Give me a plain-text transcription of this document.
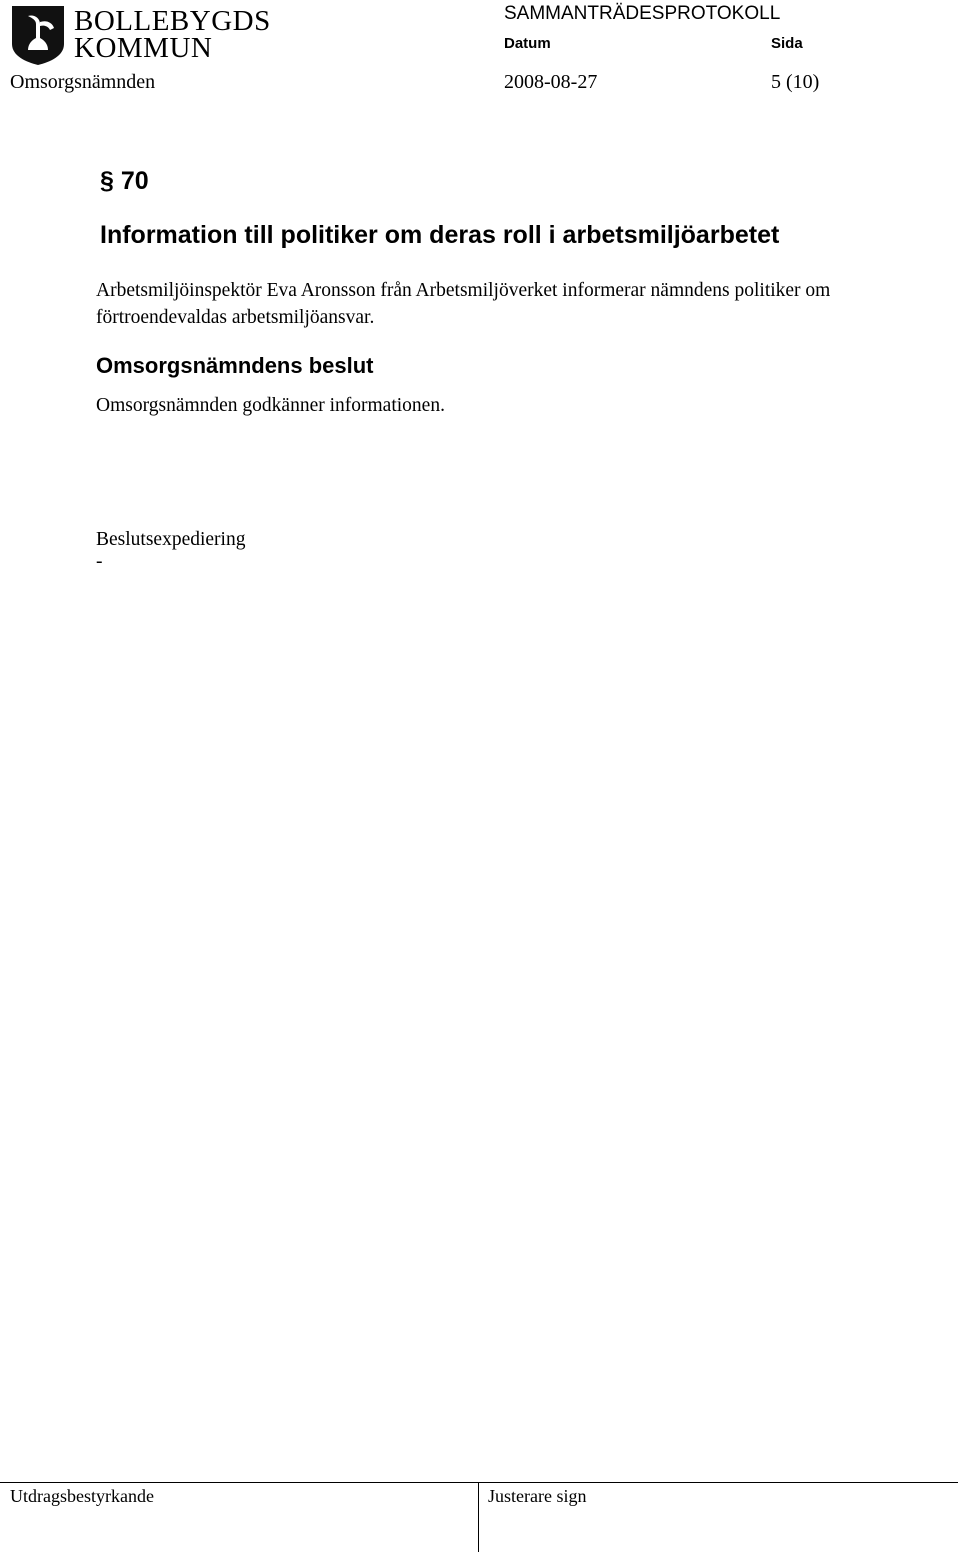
BOLLEBYGDS
KOMMUN
SAMMANTRÄDESPROTOKOLL
Datum	Sida
Omsorgsnämnden	2008-08-27	5 (10)
§ 70
Information till politiker om deras roll i arbetsmiljöarbetet
Arbetsmiljöinspektör Eva Aronsson från Arbetsmiljöverket informerar nämndens politiker om förtroendevaldas arbetsmiljöansvar.
Omsorgsnämndens beslut
Omsorgsnämnden godkänner informationen.
Beslutsexpediering
-
Utdragsbestyrkande	Justerare sign
